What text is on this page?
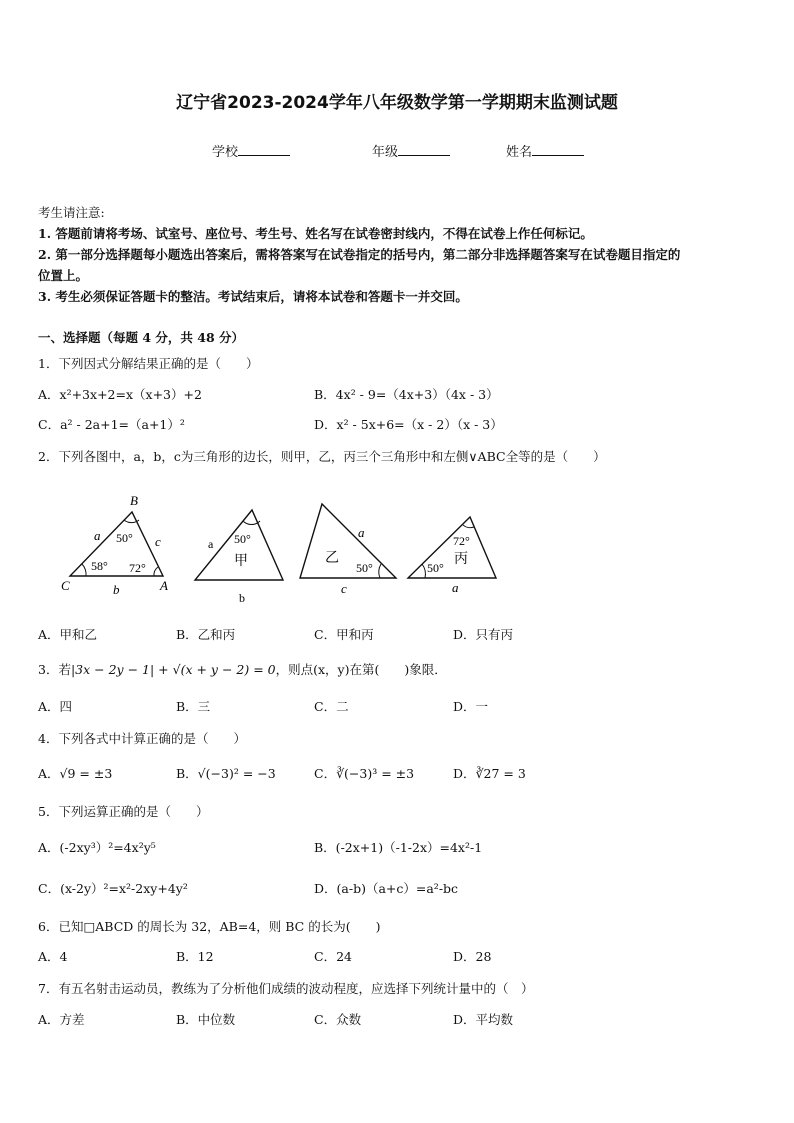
辽宁省2023-2024学年八年级数学第一学期期末监测试题
学校	年级	姓名
考生请注意:
1. 答题前请将考场、试室号、座位号、考生号、姓名写在试卷密封线内，不得在试卷上作任何标记。
2. 第一部分选择题每小题选出答案后，需将答案写在试卷指定的括号内，第二部分非选择题答案写在试卷题目指定的
位置上。
3. 考生必须保证答题卡的整洁。考试结束后，请将本试卷和答题卡一并交回。
一、选择题（每题 4 分，共 48 分）
1．下列因式分解结果正确的是（　　）
A．x²+3x+2=x（x+3）+2	B．4x² - 9=（4x+3）（4x - 3）
C．a² - 2a+1=（a+1）²	D．x² - 5x+6=（x - 2）（x - 3）
2．下列各图中，a，b，c为三角形的边长，则甲，乙，丙三个三角形中和左侧∨ABC全等的是（　　）
B
C	A
a	c
b
50°
58° 72°
50°
甲
a
b
乙
50°
a
c
72°
丙
50°
a
A．甲和乙	B．乙和丙	C．甲和丙	D．只有丙
3．若|3x − 2y − 1| + √(x + y − 2) = 0，则点(x，y)在第(　　)象限．
A．四	B．三	C．二	D．一
4．下列各式中计算正确的是（　　）
A．√9 = ±3	B．√(−3)² = −3	C．∛(−3)³ = ±3	D．∛27 = 3
5．下列运算正确的是（　　）
A．(-2xy³）²=4x²y⁵	B．(-2x+1)（-1-2x）=4x²-1
C．(x-2y）²=x²-2xy+4y²	D．(a-b)（a+c）=a²-bc
6．已知□ABCD 的周长为 32，AB=4，则 BC 的长为(　　)
A．4	B．12	C．24	D．28
7．有五名射击运动员，教练为了分析他们成绩的波动程度，应选择下列统计量中的（　）
A．方差	B．中位数	C．众数	D．平均数
